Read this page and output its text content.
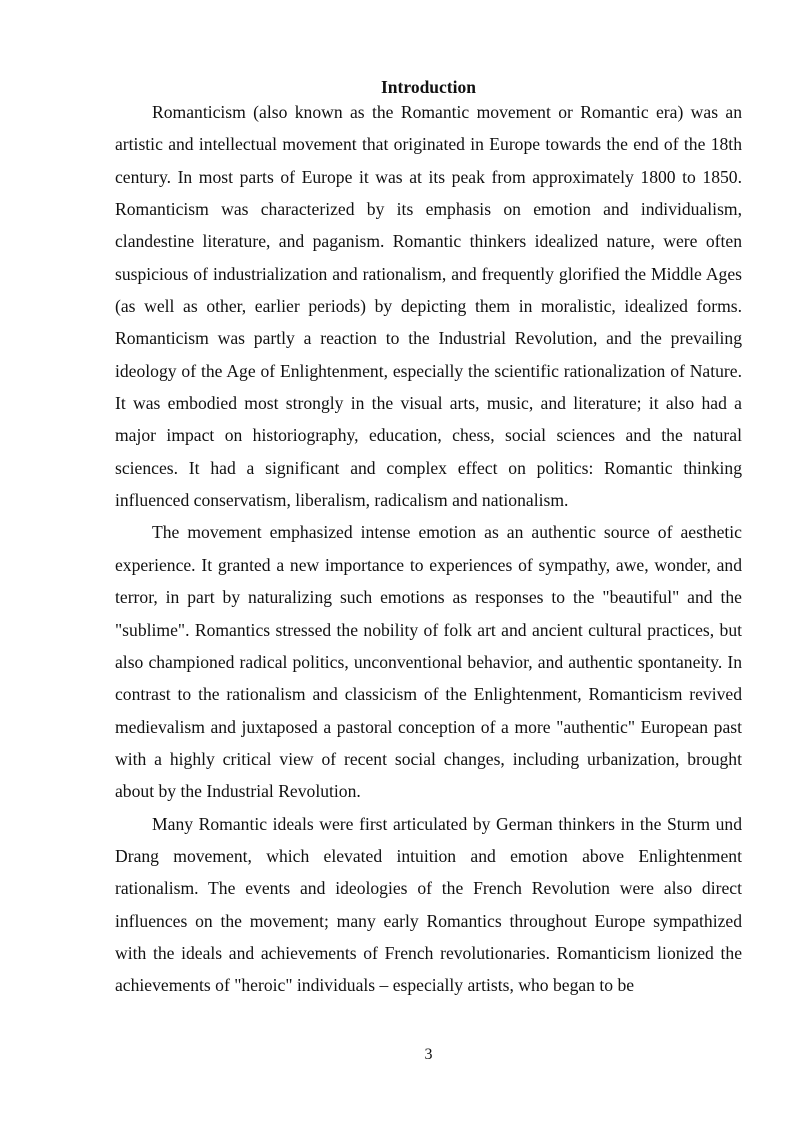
Introduction

Romanticism (also known as the Romantic movement or Romantic era) was an artistic and intellectual movement that originated in Europe towards the end of the 18th century. In most parts of Europe it was at its peak from approximately 1800 to 1850. Romanticism was characterized by its emphasis on emotion and individualism, clandestine literature, and paganism. Romantic thinkers idealized nature, were often suspicious of industrialization and rationalism, and frequently glorified the Middle Ages (as well as other, earlier periods) by depicting them in moralistic, idealized forms. Romanticism was partly a reaction to the Industrial Revolution, and the prevailing ideology of the Age of Enlightenment, especially the scientific rationalization of Nature. It was embodied most strongly in the visual arts, music, and literature; it also had a major impact on historiography, education, chess, social sciences and the natural sciences. It had a significant and complex effect on politics: Romantic thinking influenced conservatism, liberalism, radicalism and nationalism.

The movement emphasized intense emotion as an authentic source of aesthetic experience. It granted a new importance to experiences of sympathy, awe, wonder, and terror, in part by naturalizing such emotions as responses to the "beautiful" and the "sublime". Romantics stressed the nobility of folk art and ancient cultural practices, but also championed radical politics, unconventional behavior, and authentic spontaneity. In contrast to the rationalism and classicism of the Enlightenment, Romanticism revived medievalism and juxtaposed a pastoral conception of a more "authentic" European past with a highly critical view of recent social changes, including urbanization, brought about by the Industrial Revolution.

Many Romantic ideals were first articulated by German thinkers in the Sturm und Drang movement, which elevated intuition and emotion above Enlightenment rationalism. The events and ideologies of the French Revolution were also direct influences on the movement; many early Romantics throughout Europe sympathized with the ideals and achievements of French revolutionaries. Romanticism lionized the achievements of "heroic" individuals – especially artists, who began to be

3
